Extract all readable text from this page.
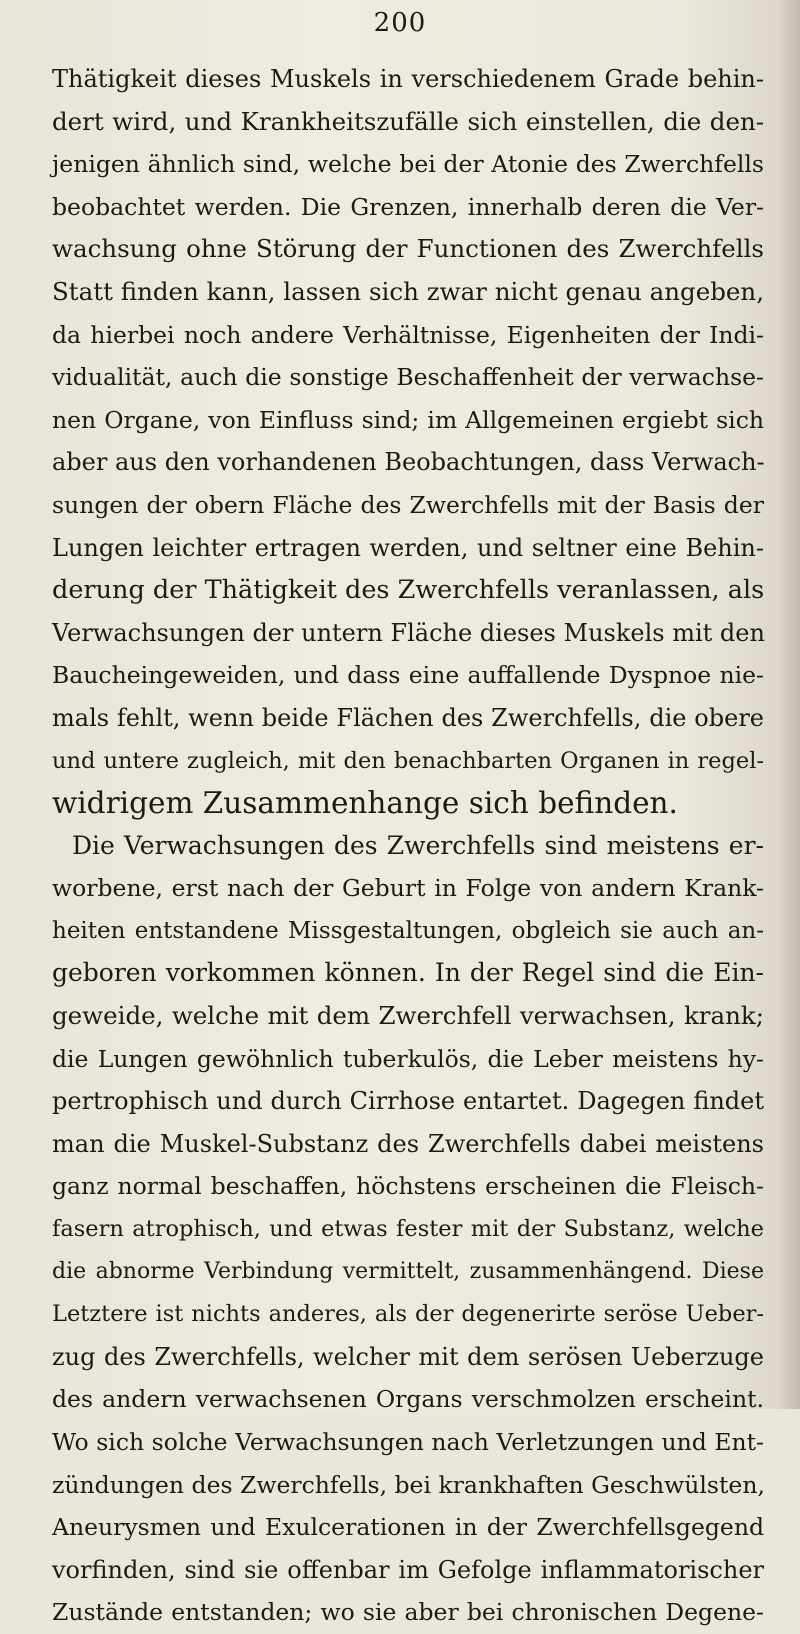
200
Thätigkeit dieses Muskels in verschiedenem Grade behin-
dert wird, und Krankheitszufälle sich einstellen, die den-
jenigen ähnlich sind, welche bei der Atonie des Zwerchfells
beobachtet werden. Die Grenzen, innerhalb deren die Ver-
wachsung ohne Störung der Functionen des Zwerchfells
Statt finden kann, lassen sich zwar nicht genau angeben,
da hierbei noch andere Verhältnisse, Eigenheiten der Indi-
vidualität, auch die sonstige Beschaffenheit der verwachse-
nen Organe, von Einfluss sind; im Allgemeinen ergiebt sich
aber aus den vorhandenen Beobachtungen, dass Verwach-
sungen der obern Fläche des Zwerchfells mit der Basis der
Lungen leichter ertragen werden, und seltner eine Behin-
derung der Thätigkeit des Zwerchfells veranlassen, als
Verwachsungen der untern Fläche dieses Muskels mit den
Baucheingeweiden, und dass eine auffallende Dyspnoe nie-
mals fehlt, wenn beide Flächen des Zwerchfells, die obere
und untere zugleich, mit den benachbarten Organen in regel-
widrigem Zusammenhange sich befinden.
Die Verwachsungen des Zwerchfells sind meistens er-
worbene, erst nach der Geburt in Folge von andern Krank-
heiten entstandene Missgestaltungen, obgleich sie auch an-
geboren vorkommen können. In der Regel sind die Ein-
geweide, welche mit dem Zwerchfell verwachsen, krank;
die Lungen gewöhnlich tuberkulös, die Leber meistens hy-
pertrophisch und durch Cirrhose entartet. Dagegen findet
man die Muskel-Substanz des Zwerchfells dabei meistens
ganz normal beschaffen, höchstens erscheinen die Fleisch-
fasern atrophisch, und etwas fester mit der Substanz, welche
die abnorme Verbindung vermittelt, zusammenhängend. Diese
Letztere ist nichts anderes, als der degenerirte seröse Ueber-
zug des Zwerchfells, welcher mit dem serösen Ueberzuge
des andern verwachsenen Organs verschmolzen erscheint.
Wo sich solche Verwachsungen nach Verletzungen und Ent-
zündungen des Zwerchfells, bei krankhaften Geschwülsten,
Aneurysmen und Exulcerationen in der Zwerchfellsgegend
vorfinden, sind sie offenbar im Gefolge inflammatorischer
Zustände entstanden; wo sie aber bei chronischen Degene-
